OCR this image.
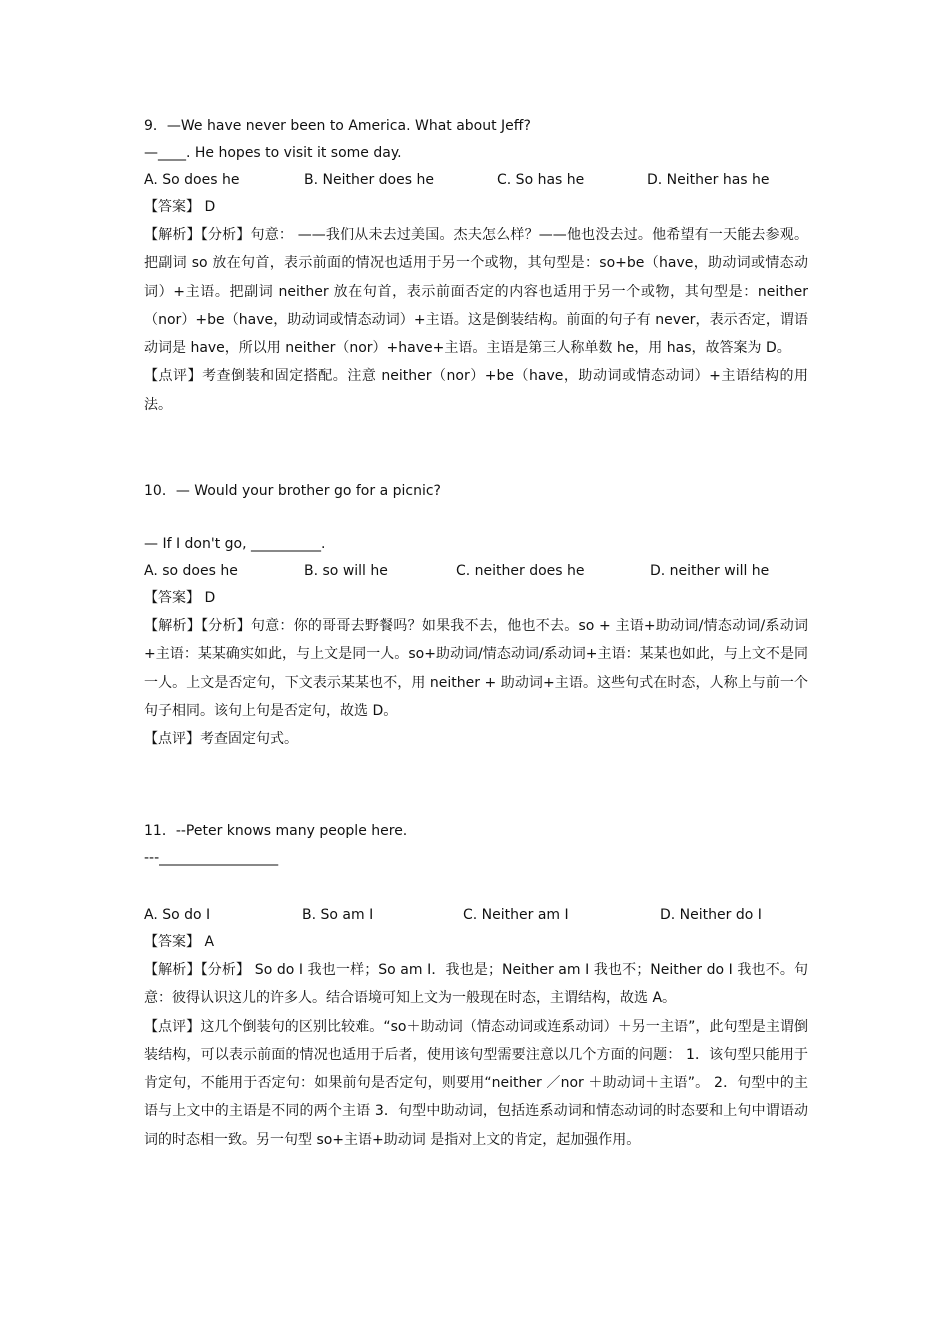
9．—We have never been to America. What about Jeff?
—____. He hopes to visit it some day.
A. So does he	B. Neither does he	C. So has he	D. Neither has he
【答案】 D
【解析】【分析】句意： ——我们从未去过美国。杰夫怎么样？——他也没去过。他希望有一天能去参观。把副词 so 放在句首，表示前面的情况也适用于另一个或物，其句型是：so+be（have，助动词或情态动词）+主语。把副词 neither 放在句首，表示前面否定的内容也适用于另一个或物，其句型是：neither（nor）+be（have，助动词或情态动词）+主语。这是倒装结构。前面的句子有 never，表示否定，谓语动词是 have，所以用 neither（nor）+have+主语。主语是第三人称单数 he，用 has，故答案为 D。
【点评】考查倒装和固定搭配。注意 neither（nor）+be（have，助动词或情态动词）+主语结构的用法。
10．— Would your brother go for a picnic?
— If I don't go, __________.
A. so does he	B. so will he	C. neither does he	D. neither will he
【答案】 D
【解析】【分析】句意：你的哥哥去野餐吗？如果我不去，他也不去。so + 主语+助动词/情态动词/系动词+主语：某某确实如此，与上文是同一人。so+助动词/情态动词/系动词+主语：某某也如此，与上文不是同一人。上文是否定句，下文表示某某也不，用 neither + 助动词+主语。这些句式在时态，人称上与前一个句子相同。该句上句是否定句，故选 D。
【点评】考查固定句式。
11．--Peter knows many people here.
---_________________
A. So do I	B. So am I	C. Neither am I	D. Neither do I
【答案】 A
【解析】【分析】 So do I 我也一样；So am I．我也是；Neither am I 我也不；Neither do I 我也不。句意：彼得认识这儿的许多人。结合语境可知上文为一般现在时态，主谓结构，故选 A。
【点评】这几个倒装句的区别比较难。“so＋助动词（情态动词或连系动词）＋另一主语”，此句型是主谓倒装结构，可以表示前面的情况也适用于后者，使用该句型需要注意以几个方面的问题： 1．该句型只能用于肯定句，不能用于否定句：如果前句是否定句，则要用“neither ／nor ＋助动词＋主语”。 2．句型中的主语与上文中的主语是不同的两个主语 3．句型中助动词，包括连系动词和情态动词的时态要和上句中谓语动词的时态相一致。另一句型 so+主语+助动词 是指对上文的肯定，起加强作用。
